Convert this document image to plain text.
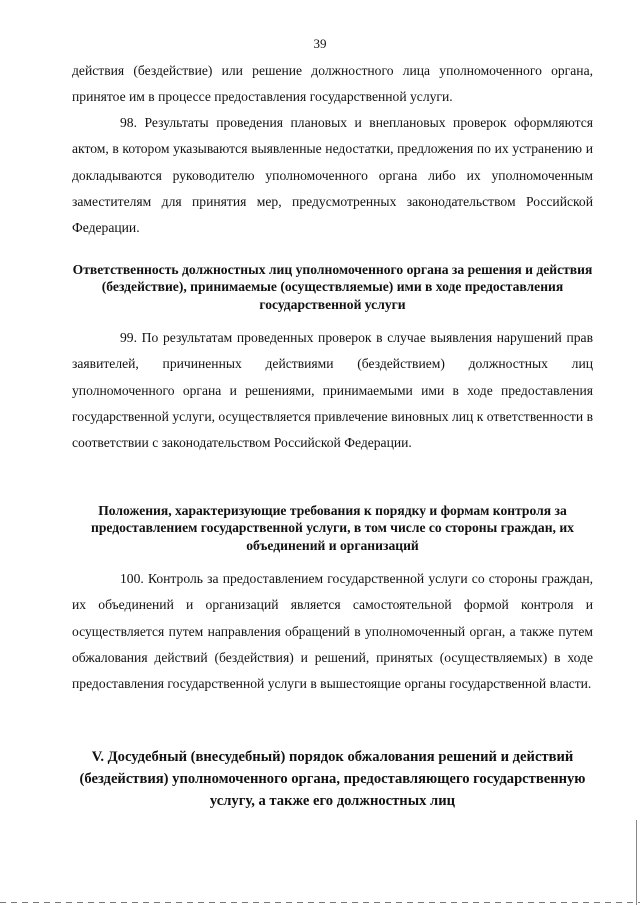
39

действия (бездействие) или решение должностного лица уполномоченного органа, принятое им в процессе предоставления государственной услуги.

98. Результаты проведения плановых и внеплановых проверок оформляются актом, в котором указываются выявленные недостатки, предложения по их устранению и докладываются руководителю уполномоченного органа либо их уполномоченным заместителям для принятия мер, предусмотренных законодательством Российской Федерации.

Ответственность должностных лиц уполномоченного органа за решения и действия (бездействие), принимаемые (осуществляемые) ими в ходе предоставления государственной услуги

99. По результатам проведенных проверок в случае выявления нарушений прав заявителей, причиненных действиями (бездействием) должностных лиц уполномоченного органа и решениями, принимаемыми ими в ходе предоставления государственной услуги, осуществляется привлечение виновных лиц к ответственности в соответствии с законодательством Российской Федерации.

Положения, характеризующие требования к порядку и формам контроля за предоставлением государственной услуги, в том числе со стороны граждан, их объединений и организаций

100. Контроль за предоставлением государственной услуги со стороны граждан, их объединений и организаций является самостоятельной формой контроля и осуществляется путем направления обращений в уполномоченный орган, а также путем обжалования действий (бездействия) и решений, принятых (осуществляемых) в ходе предоставления государственной услуги в вышестоящие органы государственной власти.

V. Досудебный (внесудебный) порядок обжалования решений и действий (бездействия) уполномоченного органа, предоставляющего государственную услугу, а также его должностных лиц
